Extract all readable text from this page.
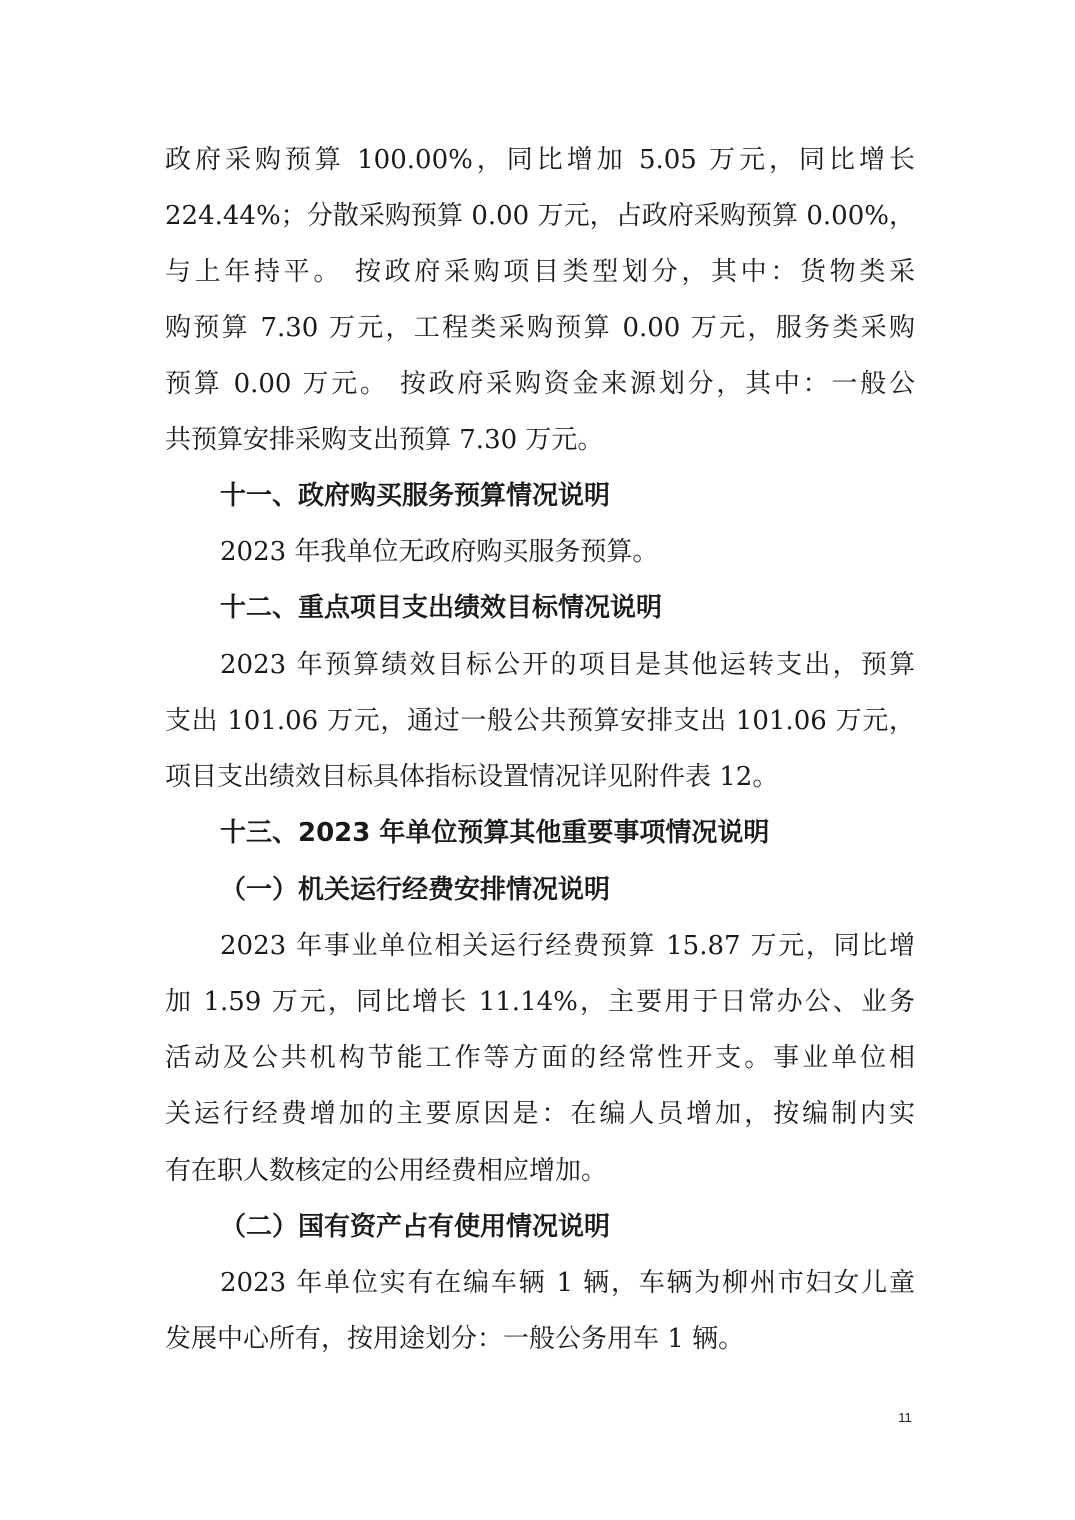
政府采购预算 100.00%，同比增加 5.05 万元，同比增长
224.44%；分散采购预算 0.00 万元，占政府采购预算 0.00%，
与上年持平。 按政府采购项目类型划分，其中：货物类采
购预算 7.30 万元，工程类采购预算 0.00 万元，服务类采购
预算 0.00 万元。 按政府采购资金来源划分，其中：一般公
共预算安排采购支出预算 7.30 万元。
十一、政府购买服务预算情况说明
2023 年我单位无政府购买服务预算。
十二、重点项目支出绩效目标情况说明
2023 年预算绩效目标公开的项目是其他运转支出，预算
支出 101.06 万元，通过一般公共预算安排支出 101.06 万元，
项目支出绩效目标具体指标设置情况详见附件表 12。
十三、2023 年单位预算其他重要事项情况说明
（一）机关运行经费安排情况说明
2023 年事业单位相关运行经费预算 15.87 万元，同比增
加 1.59 万元，同比增长 11.14%，主要用于日常办公、业务
活动及公共机构节能工作等方面的经常性开支。事业单位相
关运行经费增加的主要原因是：在编人员增加，按编制内实
有在职人数核定的公用经费相应增加。
（二）国有资产占有使用情况说明
2023 年单位实有在编车辆 1 辆，车辆为柳州市妇女儿童
发展中心所有，按用途划分：一般公务用车 1 辆。
11
